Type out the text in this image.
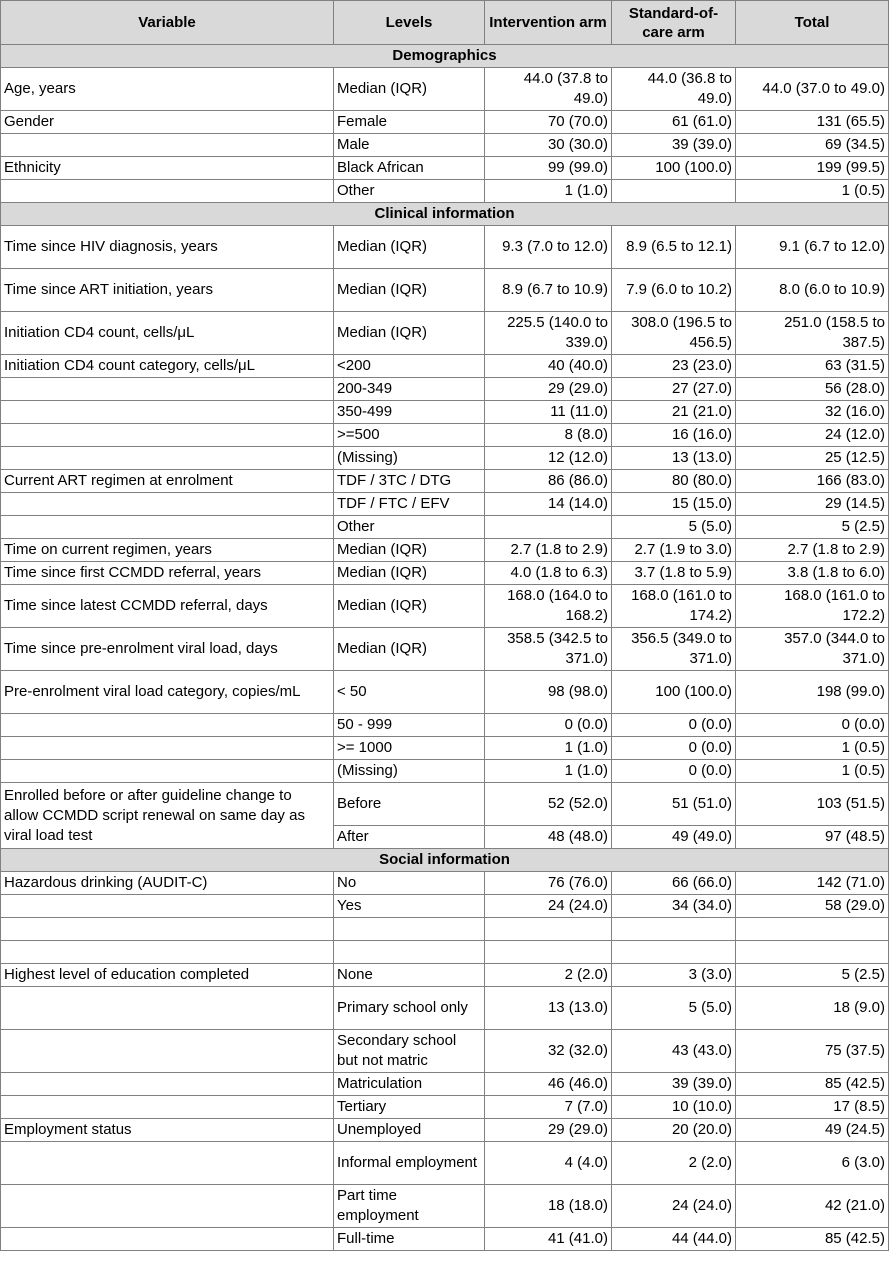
Variable	Levels	Intervention arm	Standard-of-care arm	Total
Demographics				
Age, years	Median (IQR)	44.0 (37.8 to 49.0)	44.0 (36.8 to 49.0)	44.0 (37.0 to 49.0)
Gender	Female	70 (70.0)	61 (61.0)	131 (65.5)
	Male	30 (30.0)	39 (39.0)	69 (34.5)
Ethnicity	Black African	99 (99.0)	100 (100.0)	199 (99.5)
	Other	1 (1.0)		1 (0.5)
Clinical information				
Time since HIV diagnosis, years	Median (IQR)	9.3 (7.0 to 12.0)	8.9 (6.5 to 12.1)	9.1 (6.7 to 12.0)
Time since ART initiation, years	Median (IQR)	8.9 (6.7 to 10.9)	7.9 (6.0 to 10.2)	8.0 (6.0 to 10.9)
Initiation CD4 count, cells/μL	Median (IQR)	225.5 (140.0 to 339.0)	308.0 (196.5 to 456.5)	251.0 (158.5 to 387.5)
Initiation CD4 count category, cells/μL	<200	40 (40.0)	23 (23.0)	63 (31.5)
	200-349	29 (29.0)	27 (27.0)	56 (28.0)
	350-499	11 (11.0)	21 (21.0)	32 (16.0)
	>=500	8 (8.0)	16 (16.0)	24 (12.0)
	(Missing)	12 (12.0)	13 (13.0)	25 (12.5)
Current ART regimen at enrolment	TDF / 3TC / DTG	86 (86.0)	80 (80.0)	166 (83.0)
	TDF / FTC / EFV	14 (14.0)	15 (15.0)	29 (14.5)
	Other		5 (5.0)	5 (2.5)
Time on current regimen, years	Median (IQR)	2.7 (1.8 to 2.9)	2.7 (1.9 to 3.0)	2.7 (1.8 to 2.9)
Time since first CCMDD referral, years	Median (IQR)	4.0 (1.8 to 6.3)	3.7 (1.8 to 5.9)	3.8 (1.8 to 6.0)
Time since latest CCMDD referral, days	Median (IQR)	168.0 (164.0 to 168.2)	168.0 (161.0 to 174.2)	168.0 (161.0 to 172.2)
Time since pre-enrolment viral load, days	Median (IQR)	358.5 (342.5 to 371.0)	356.5 (349.0 to 371.0)	357.0 (344.0 to 371.0)
Pre-enrolment viral load category, copies/mL	< 50	98 (98.0)	100 (100.0)	198 (99.0)
	50 - 999	0 (0.0)	0 (0.0)	0 (0.0)
	>= 1000	1 (1.0)	0 (0.0)	1 (0.5)
	(Missing)	1 (1.0)	0 (0.0)	1 (0.5)
Enrolled before or after guideline change to allow CCMDD script renewal on same day as viral load test	Before	52 (52.0)	51 (51.0)	103 (51.5)
	After	48 (48.0)	49 (49.0)	97 (48.5)
Social information				
Hazardous drinking (AUDIT-C)	No	76 (76.0)	66 (66.0)	142 (71.0)
	Yes	24 (24.0)	34 (34.0)	58 (29.0)

Highest level of education completed	None	2 (2.0)	3 (3.0)	5 (2.5)
	Primary school only	13 (13.0)	5 (5.0)	18 (9.0)
	Secondary school but not matric	32 (32.0)	43 (43.0)	75 (37.5)
	Matriculation	46 (46.0)	39 (39.0)	85 (42.5)
	Tertiary	7 (7.0)	10 (10.0)	17 (8.5)
Employment status	Unemployed	29 (29.0)	20 (20.0)	49 (24.5)
	Informal employment	4 (4.0)	2 (2.0)	6 (3.0)
	Part time employment	18 (18.0)	24 (24.0)	42 (21.0)
	Full-time	41 (41.0)	44 (44.0)	85 (42.5)
